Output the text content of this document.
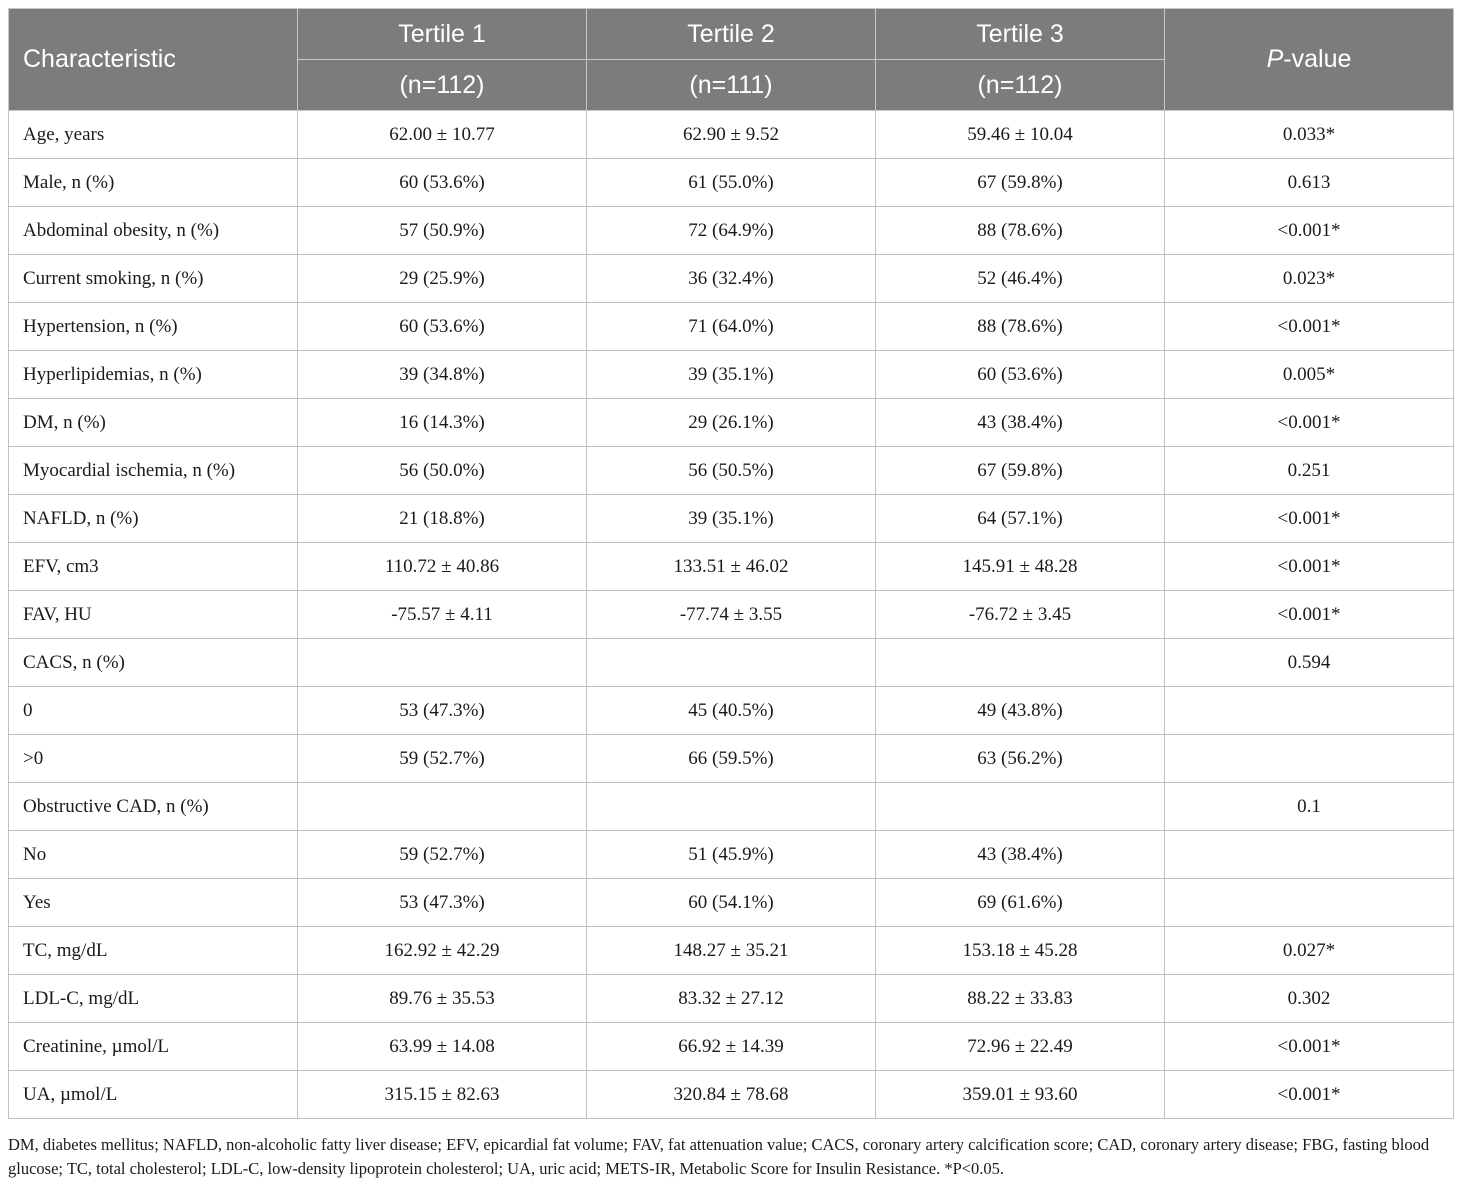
Characteristic	Tertile 1	Tertile 2	Tertile 3	P-value
	(n=112)	(n=111)	(n=112)	
Age, years	62.00 ± 10.77	62.90 ± 9.52	59.46 ± 10.04	0.033*
Male, n (%)	60 (53.6%)	61 (55.0%)	67 (59.8%)	0.613
Abdominal obesity, n (%)	57 (50.9%)	72 (64.9%)	88 (78.6%)	<0.001*
Current smoking, n (%)	29 (25.9%)	36 (32.4%)	52 (46.4%)	0.023*
Hypertension, n (%)	60 (53.6%)	71 (64.0%)	88 (78.6%)	<0.001*
Hyperlipidemias, n (%)	39 (34.8%)	39 (35.1%)	60 (53.6%)	0.005*
DM, n (%)	16 (14.3%)	29 (26.1%)	43 (38.4%)	<0.001*
Myocardial ischemia, n (%)	56 (50.0%)	56 (50.5%)	67 (59.8%)	0.251
NAFLD, n (%)	21 (18.8%)	39 (35.1%)	64 (57.1%)	<0.001*
EFV, cm3	110.72 ± 40.86	133.51 ± 46.02	145.91 ± 48.28	<0.001*
FAV, HU	-75.57 ± 4.11	-77.74 ± 3.55	-76.72 ± 3.45	<0.001*
CACS, n (%)				0.594
0	53 (47.3%)	45 (40.5%)	49 (43.8%)	
>0	59 (52.7%)	66 (59.5%)	63 (56.2%)	
Obstructive CAD, n (%)				0.1
No	59 (52.7%)	51 (45.9%)	43 (38.4%)	
Yes	53 (47.3%)	60 (54.1%)	69 (61.6%)	
TC, mg/dL	162.92 ± 42.29	148.27 ± 35.21	153.18 ± 45.28	0.027*
LDL-C, mg/dL	89.76 ± 35.53	83.32 ± 27.12	88.22 ± 33.83	0.302
Creatinine, µmol/L	63.99 ± 14.08	66.92 ± 14.39	72.96 ± 22.49	<0.001*
UA, µmol/L	315.15 ± 82.63	320.84 ± 78.68	359.01 ± 93.60	<0.001*
DM, diabetes mellitus; NAFLD, non-alcoholic fatty liver disease; EFV, epicardial fat volume; FAV, fat attenuation value; CACS, coronary artery calcification score; CAD, coronary artery disease; FBG, fasting blood glucose; TC, total cholesterol; LDL-C, low-density lipoprotein cholesterol; UA, uric acid; METS-IR, Metabolic Score for Insulin Resistance. *P<0.05.
